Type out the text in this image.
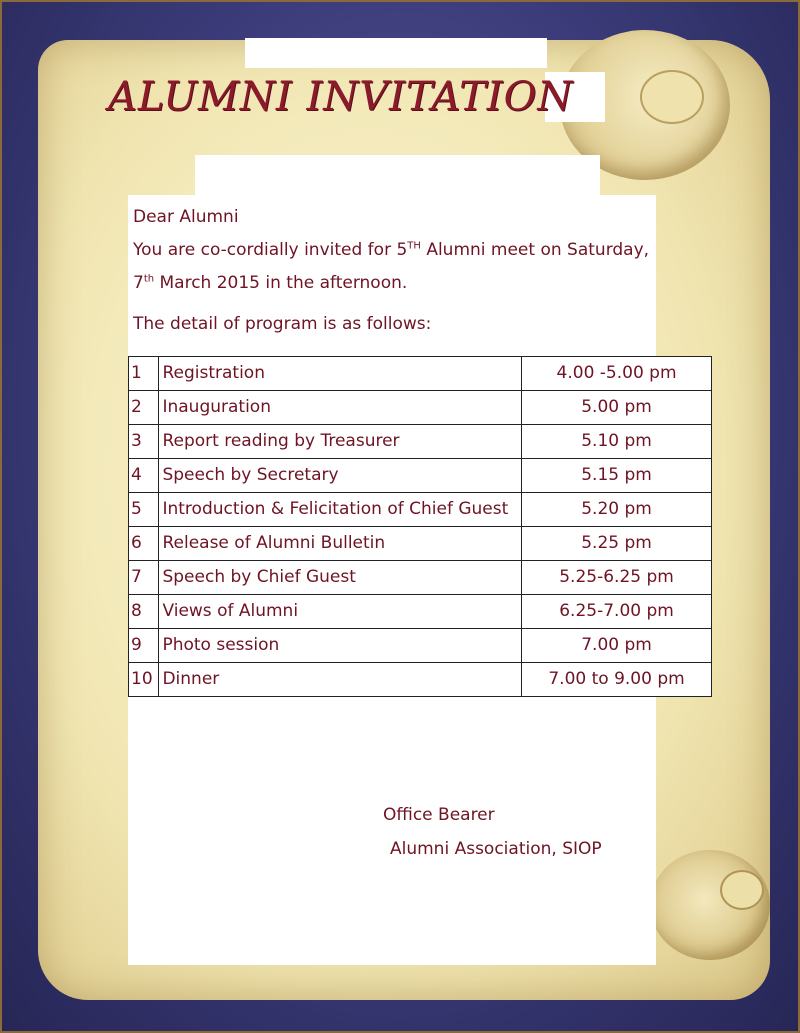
ALUMNI INVITATION
Dear Alumni
You are co-cordially invited for 5TH Alumni meet on Saturday,
7th March 2015 in the afternoon.
The detail of program is as follows:
1	Registration	4.00 -5.00 pm
2	Inauguration	5.00 pm
3	Report reading by Treasurer	5.10 pm
4	Speech by Secretary	5.15 pm
5	Introduction & Felicitation of Chief Guest	5.20 pm
6	Release of Alumni Bulletin	5.25 pm
7	Speech by Chief Guest	5.25-6.25 pm
8	Views of Alumni	6.25-7.00 pm
9	Photo session	7.00 pm
10	Dinner	7.00 to 9.00 pm
Office Bearer
Alumni Association, SIOP
